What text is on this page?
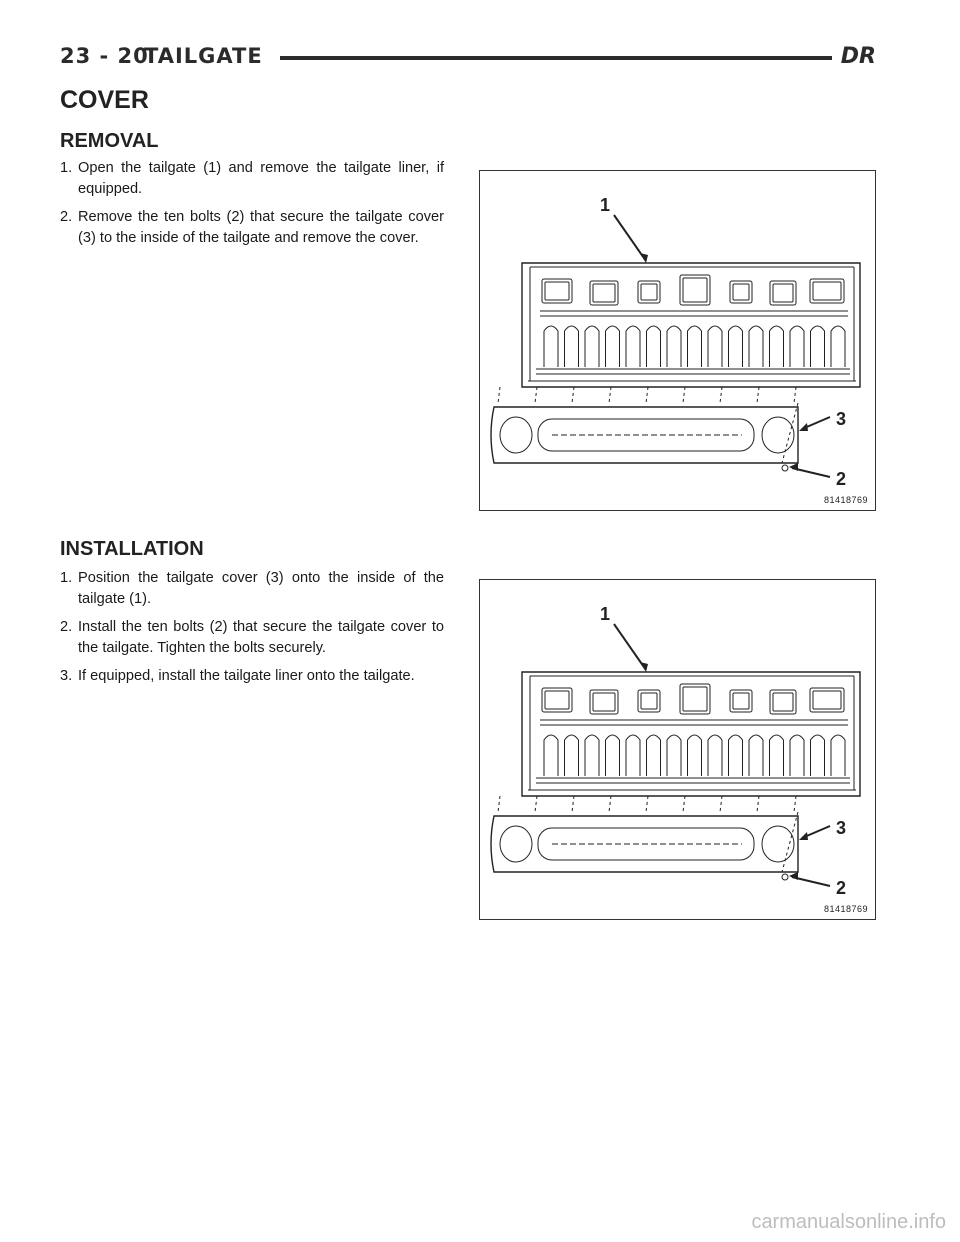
23 - 20
TAILGATE	DR
COVER
REMOVAL
1. Open the tailgate (1) and remove the tailgate liner, if equipped.
2. Remove the ten bolts (2) that secure the tailgate cover (3) to the inside of the tailgate and remove the cover.
1
3
2
81418769
INSTALLATION
1. Position the tailgate cover (3) onto the inside of the tailgate (1).
2. Install the ten bolts (2) that secure the tailgate cover to the tailgate. Tighten the bolts securely.
3. If equipped, install the tailgate liner onto the tailgate.
1
3
2
81418769
carmanualsonline.info
